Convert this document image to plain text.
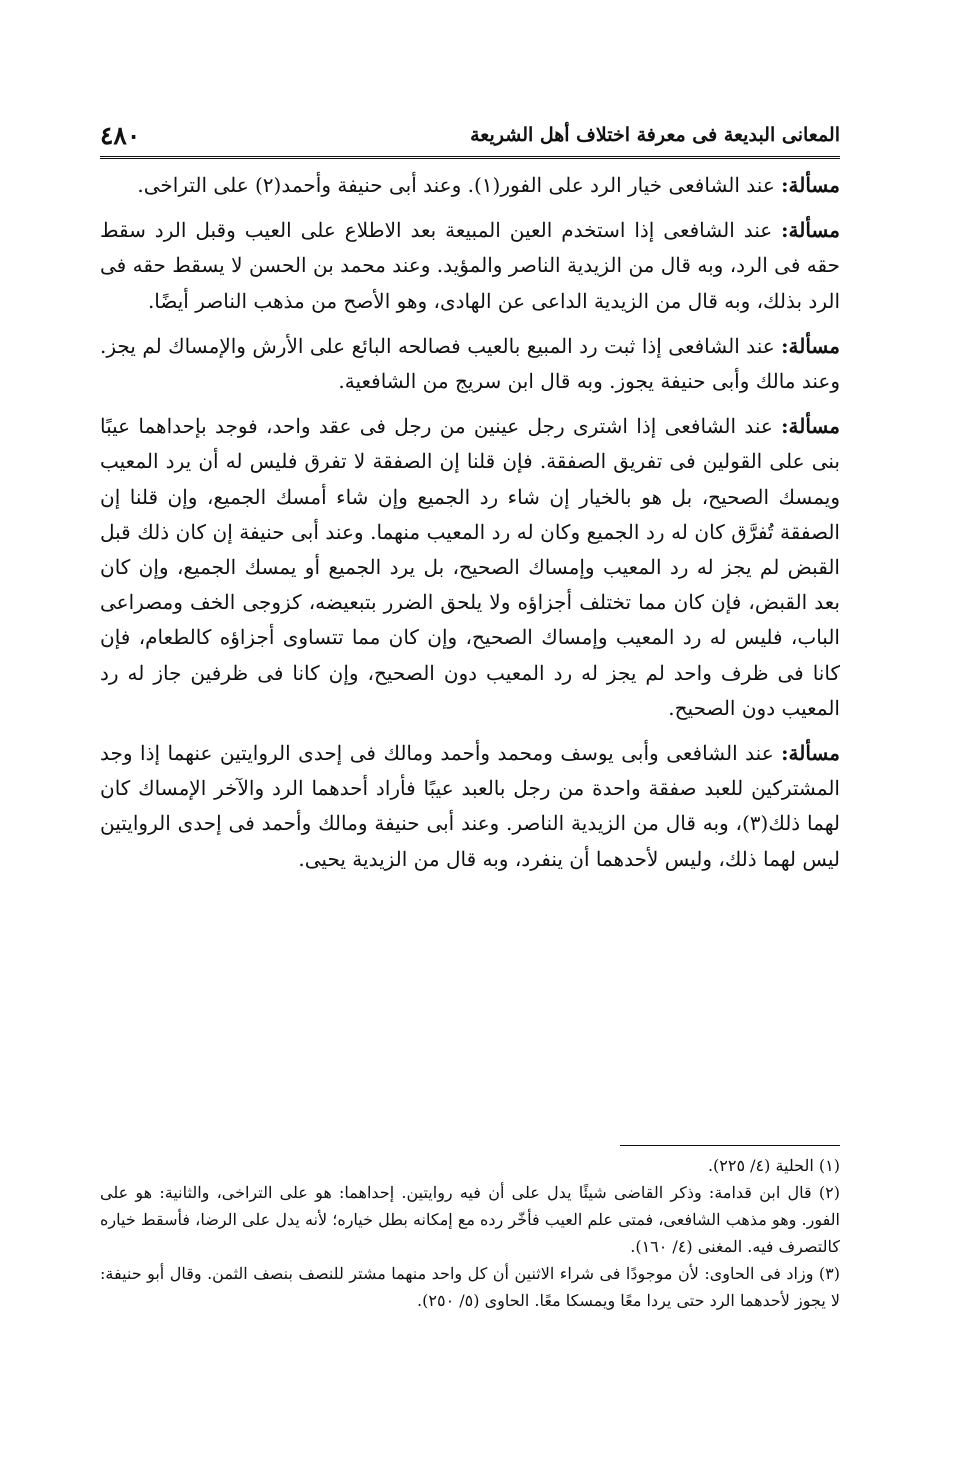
المعانى البديعة فى معرفة اختلاف أهل الشريعة
٤٨٠

مسألة: عند الشافعى خيار الرد على الفور(١). وعند أبى حنيفة وأحمد(٢) على التراخى.

مسألة: عند الشافعى إذا استخدم العين المبيعة بعد الاطلاع على العيب وقبل الرد سقط حقه فى الرد، وبه قال من الزيدية الناصر والمؤيد. وعند محمد بن الحسن لا يسقط حقه فى الرد بذلك، وبه قال من الزيدية الداعى عن الهادى، وهو الأصح من مذهب الناصر أيضًا.

مسألة: عند الشافعى إذا ثبت رد المبيع بالعيب فصالحه البائع على الأرش والإمساك لم يجز. وعند مالك وأبى حنيفة يجوز. وبه قال ابن سريج من الشافعية.

مسألة: عند الشافعى إذا اشترى رجل عينين من رجل فى عقد واحد، فوجد بإحداهما عيبًا بنى على القولين فى تفريق الصفقة. فإن قلنا إن الصفقة لا تفرق فليس له أن يرد المعيب ويمسك الصحيح، بل هو بالخيار إن شاء رد الجميع وإن شاء أمسك الجميع، وإن قلنا إن الصفقة تُفرَّق كان له رد الجميع وكان له رد المعيب منهما. وعند أبى حنيفة إن كان ذلك قبل القبض لم يجز له رد المعيب وإمساك الصحيح، بل يرد الجميع أو يمسك الجميع، وإن كان بعد القبض، فإن كان مما تختلف أجزاؤه ولا يلحق الضرر بتبعيضه، كزوجى الخف ومصراعى الباب، فليس له رد المعيب وإمساك الصحيح، وإن كان مما تتساوى أجزاؤه كالطعام، فإن كانا فى ظرف واحد لم يجز له رد المعيب دون الصحيح، وإن كانا فى ظرفين جاز له رد المعيب دون الصحيح.

مسألة: عند الشافعى وأبى يوسف ومحمد وأحمد ومالك فى إحدى الروايتين عنهما إذا وجد المشتركين للعبد صفقة واحدة من رجل بالعبد عيبًا فأراد أحدهما الرد والآخر الإمساك كان لهما ذلك(٣)، وبه قال من الزيدية الناصر. وعند أبى حنيفة ومالك وأحمد فى إحدى الروايتين ليس لهما ذلك، وليس لأحدهما أن ينفرد، وبه قال من الزيدية يحيى.

(١) الحلية (٤/ ٢٢٥).

(٢) قال ابن قدامة: وذكر القاضى شيئًا يدل على أن فيه روايتين. إحداهما: هو على التراخى، والثانية: هو على الفور. وهو مذهب الشافعى، فمتى علم العيب فأخّر رده مع إمكانه بطل خياره؛ لأنه يدل على الرضا، فأسقط خياره كالتصرف فيه. المغنى (٤/ ١٦٠).

(٣) وزاد فى الحاوى: لأن موجودًا فى شراء الاثنين أن كل واحد منهما مشتر للنصف بنصف الثمن. وقال أبو حنيفة: لا يجوز لأحدهما الرد حتى يردا معًا ويمسكا معًا. الحاوى (٥/ ٢٥٠).
